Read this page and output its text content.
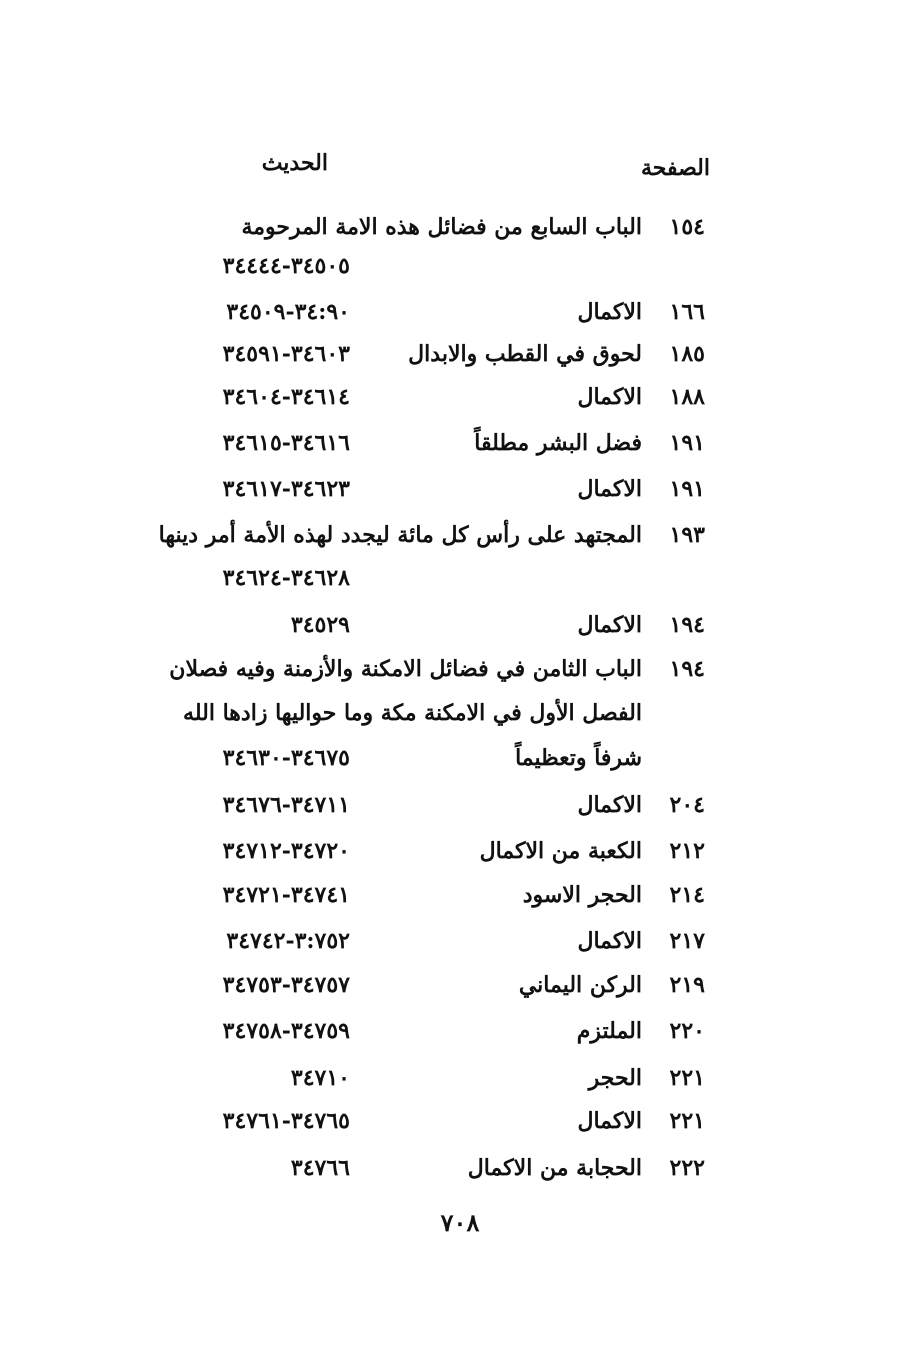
الصفحة
الحديث
١٥٤
الباب السابع من فضائل هذه الامة المرحومة
٣٤٥٠٥-٣٤٤٤٤
١٦٦
الاكمال
٣٤:٩٠-٣٤٥٠٩
١٨٥
لحوق في القطب والابدال
٣٤٦٠٣-٣٤٥٩١
١٨٨
الاكمال
٣٤٦١٤-٣٤٦٠٤
١٩١
فضل البشر مطلقاً
٣٤٦١٦-٣٤٦١٥
١٩١
الاكمال
٣٤٦٢٣-٣٤٦١٧
١٩٣
المجتهد على رأس كل مائة ليجدد لهذه الأمة أمر دينها
٣٤٦٢٨-٣٤٦٢٤
١٩٤
الاكمال
٣٤٥٢٩
١٩٤
الباب الثامن في فضائل الامكنة والأزمنة وفيه فصلان
الفصل الأول في الامكنة مكة وما حواليها زادها الله
شرفاً وتعظيماً
٣٤٦٧٥-٣٤٦٣٠
٢٠٤
الاكمال
٣٤٧١١-٣٤٦٧٦
٢١٢
الكعبة من الاكمال
٣٤٧٢٠-٣٤٧١٢
٢١٤
الحجر الاسود
٣٤٧٤١-٣٤٧٢١
٢١٧
الاكمال
٣:٧٥٢-٣٤٧٤٢
٢١٩
الركن اليماني
٣٤٧٥٧-٣٤٧٥٣
٢٢٠
الملتزم
٣٤٧٥٩-٣٤٧٥٨
٢٢١
الحجر
٣٤٧١٠
٢٢١
الاكمال
٣٤٧٦٥-٣٤٧٦١
٢٢٢
الحجابة من الاكمال
٣٤٧٦٦
٧٠٨
